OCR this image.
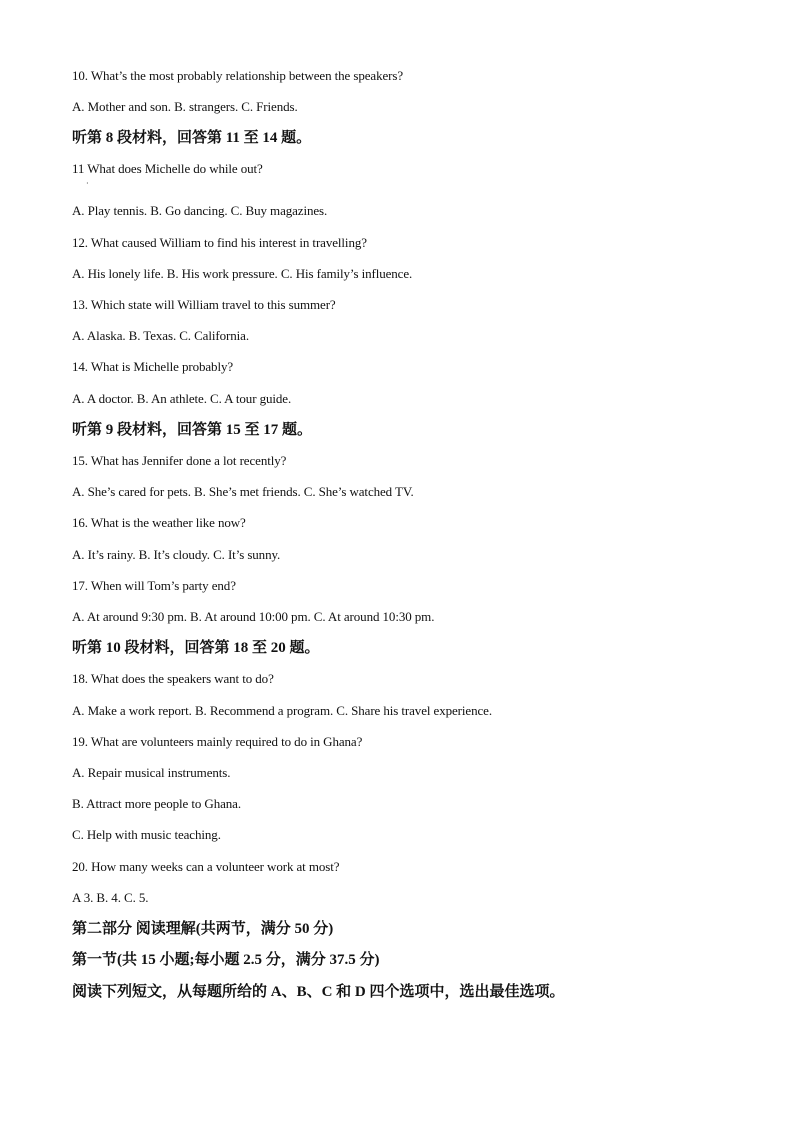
10. What’s the most probably relationship between the speakers?
A. Mother and son. B. strangers. C. Friends.
听第 8 段材料，回答第 11 至 14 题。
11 What does Michelle do while out?
·
A. Play tennis. B. Go dancing. C. Buy magazines.
12. What caused William to find his interest in travelling?
A. His lonely life. B. His work pressure. C. His family’s influence.
13. Which state will William travel to this summer?
A. Alaska. B. Texas. C. California.
14. What is Michelle probably?
A. A doctor. B. An athlete. C. A tour guide.
听第 9 段材料，回答第 15 至 17 题。
15. What has Jennifer done a lot recently?
A. She’s cared for pets. B. She’s met friends. C. She’s watched TV.
16. What is the weather like now?
A. It’s rainy. B. It’s cloudy. C. It’s sunny.
17. When will Tom’s party end?
A. At around 9:30 pm. B. At around 10:00 pm. C. At around 10:30 pm.
听第 10 段材料，回答第 18 至 20 题。
18. What does the speakers want to do?
A. Make a work report. B. Recommend a program. C. Share his travel experience.
19. What are volunteers mainly required to do in Ghana?
A. Repair musical instruments.
B. Attract more people to Ghana.
C. Help with music teaching.
20. How many weeks can a volunteer work at most?
A 3. B. 4. C. 5.
第二部分 阅读理解(共两节，满分 50 分)
第一节(共 15 小题;每小题 2.5 分，满分 37.5 分)
阅读下列短文，从每题所给的 A、B、C 和 D 四个选项中，选出最佳选项。
